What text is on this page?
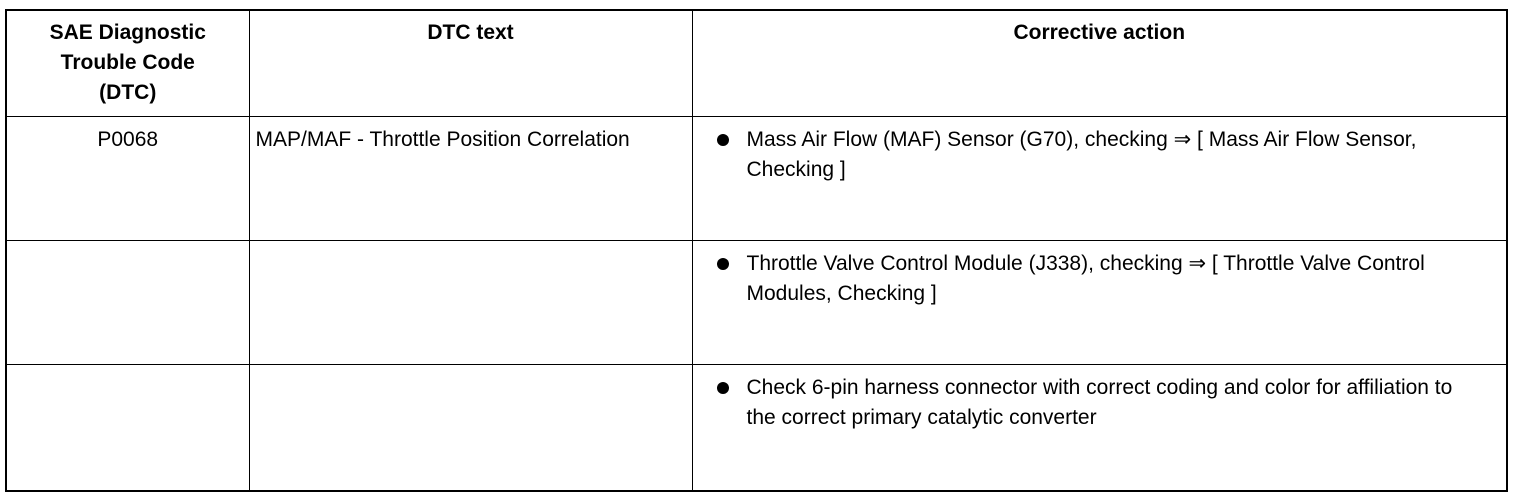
SAE Diagnostic
Trouble Code
(DTC)	DTC text	Corrective action
P0068	MAP/MAF - Throttle Position Correlation	Mass Air Flow (MAF) Sensor (G70), checking ⇒ [ Mass Air Flow Sensor, Checking ]

		Throttle Valve Control Module (J338), checking ⇒ [ Throttle Valve Control Modules, Checking ]

		Check 6-pin harness connector with correct coding and color for affiliation to the correct primary catalytic converter
